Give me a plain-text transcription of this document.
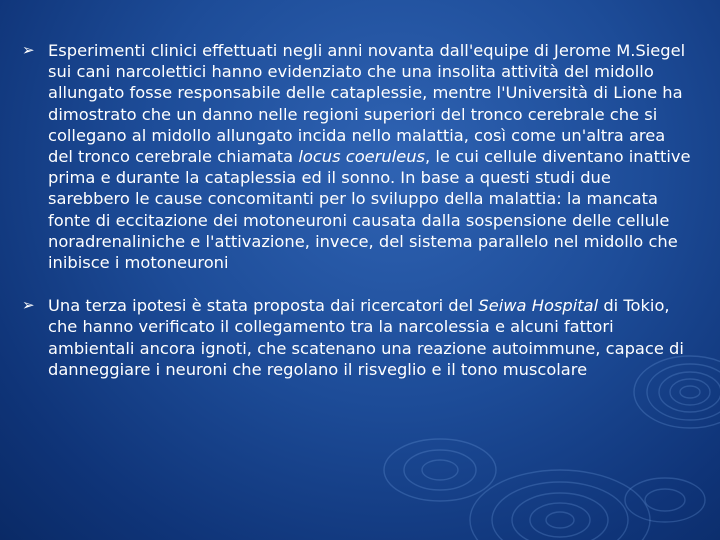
➢ Esperimenti clinici effettuati negli anni novanta dall'equipe di Jerome M.Siegel sui cani narcolettici hanno evidenziato che una insolita attività del midollo allungato fosse responsabile delle cataplessie, mentre l'Università di Lione ha dimostrato che un danno nelle regioni superiori del tronco cerebrale che si collegano al midollo allungato incida nello malattia, così come un'altra area del tronco cerebrale chiamata locus coeruleus, le cui cellule diventano inattive prima e durante la cataplessia ed il sonno. In base a questi studi due sarebbero le cause concomitanti per lo sviluppo della malattia: la mancata fonte di eccitazione dei motoneuroni causata dalla sospensione delle cellule noradrenaliniche e l'attivazione, invece, del sistema parallelo nel midollo che inibisce i motoneuroni
➢ Una terza ipotesi è stata proposta dai ricercatori del Seiwa Hospital di Tokio, che hanno verificato il collegamento tra la narcolessia e alcuni fattori ambientali ancora ignoti, che scatenano una reazione autoimmune, capace di danneggiare i neuroni che regolano il risveglio e il tono muscolare
